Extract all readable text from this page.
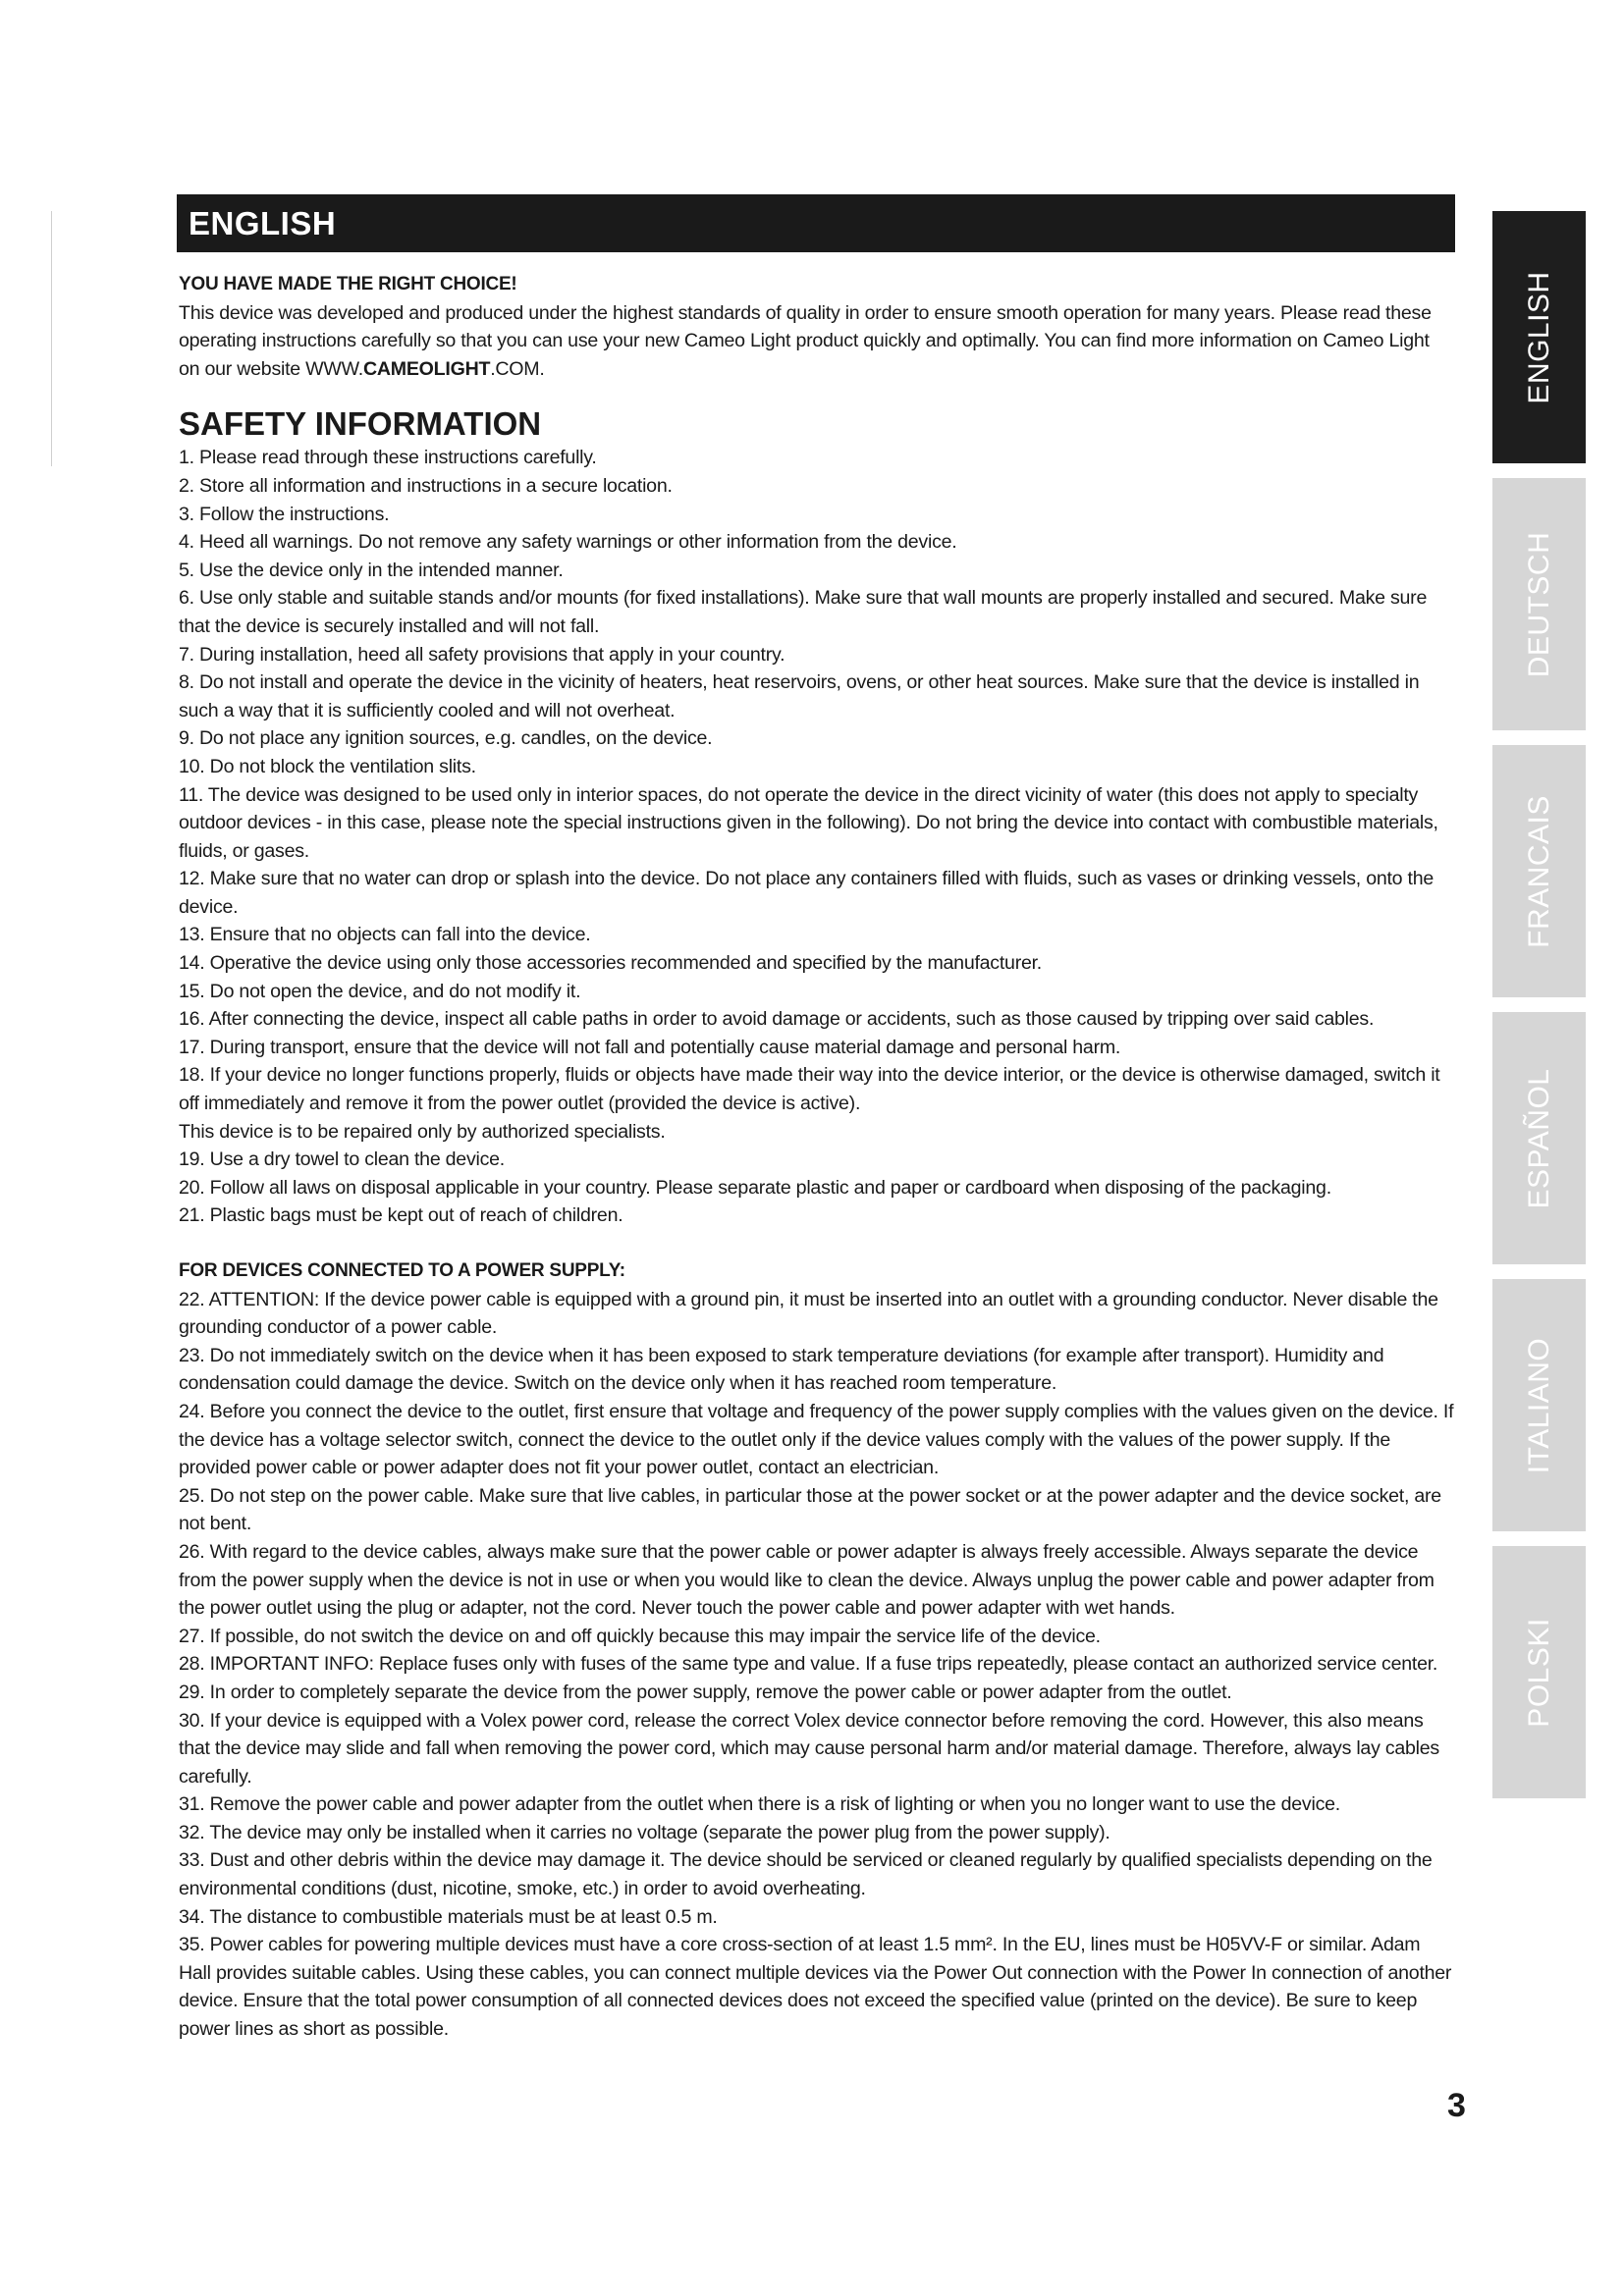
ENGLISH

YOU HAVE MADE THE RIGHT CHOICE!

This device was developed and produced under the highest standards of quality in order to ensure smooth operation for many years. Please read these operating instructions carefully so that you can use your new Cameo Light product quickly and optimally. You can find more information on Cameo Light on our website WWW.CAMEOLIGHT.COM.

SAFETY INFORMATION

1. Please read through these instructions carefully.

2. Store all information and instructions in a secure location.

3. Follow the instructions.

4. Heed all warnings. Do not remove any safety warnings or other information from the device.

5. Use the device only in the intended manner.

6. Use only stable and suitable stands and/or mounts (for fixed installations). Make sure that wall mounts are properly installed and secured. Make sure that the device is securely installed and will not fall.

7. During installation, heed all safety provisions that apply in your country.

8. Do not install and operate the device in the vicinity of heaters, heat reservoirs, ovens, or other heat sources. Make sure that the device is installed in such a way that it is sufficiently cooled and will not overheat.

9. Do not place any ignition sources, e.g. candles, on the device.

10. Do not block the ventilation slits.

11. The device was designed to be used only in interior spaces, do not operate the device in the direct vicinity of water (this does not apply to specialty outdoor devices - in this case, please note the special instructions given in the following). Do not bring the device into contact with combustible materials, fluids, or gases.

12. Make sure that no water can drop or splash into the device. Do not place any containers filled with fluids, such as vases or drinking vessels, onto the device.

13. Ensure that no objects can fall into the device.

14. Operative the device using only those accessories recommended and specified by the manufacturer.

15. Do not open the device, and do not modify it.

16. After connecting the device, inspect all cable paths in order to avoid damage or accidents, such as those caused by tripping over said cables.

17. During transport, ensure that the device will not fall and potentially cause material damage and personal harm.

18. If your device no longer functions properly, fluids or objects have made their way into the device interior, or the device is otherwise damaged, switch it off immediately and remove it from the power outlet (provided the device is active).

This device is to be repaired only by authorized specialists.

19. Use a dry towel to clean the device.

20. Follow all laws on disposal applicable in your country. Please separate plastic and paper or cardboard when disposing of the packaging.

21. Plastic bags must be kept out of reach of children.

FOR DEVICES CONNECTED TO A POWER SUPPLY:

22. ATTENTION: If the device power cable is equipped with a ground pin, it must be inserted into an outlet with a grounding conductor. Never disable the grounding conductor of a power cable.

23. Do not immediately switch on the device when it has been exposed to stark temperature deviations (for example after transport). Humidity and condensation could damage the device. Switch on the device only when it has reached room temperature.

24. Before you connect the device to the outlet, first ensure that voltage and frequency of the power supply complies with the values given on the device. If the device has a voltage selector switch, connect the device to the outlet only if the device values comply with the values of the power supply. If the provided power cable or power adapter does not fit your power outlet, contact an electrician.

25. Do not step on the power cable. Make sure that live cables, in particular those at the power socket or at the power adapter and the device socket, are not bent.

26. With regard to the device cables, always make sure that the power cable or power adapter is always freely accessible. Always separate the device from the power supply when the device is not in use or when you would like to clean the device. Always unplug the power cable and power adapter from the power outlet using the plug or adapter, not the cord. Never touch the power cable and power adapter with wet hands.

27. If possible, do not switch the device on and off quickly because this may impair the service life of the device.

28. IMPORTANT INFO: Replace fuses only with fuses of the same type and value. If a fuse trips repeatedly, please contact an authorized service center.

29. In order to completely separate the device from the power supply, remove the power cable or power adapter from the outlet.

30. If your device is equipped with a Volex power cord, release the correct Volex device connector before removing the cord. However, this also means that the device may slide and fall when removing the power cord, which may cause personal harm and/or material damage. Therefore, always lay cables carefully.

31. Remove the power cable and power adapter from the outlet when there is a risk of lighting or when you no longer want to use the device.

32. The device may only be installed when it carries no voltage (separate the power plug from the power supply).

33. Dust and other debris within the device may damage it. The device should be serviced or cleaned regularly by qualified specialists depending on the environmental conditions (dust, nicotine, smoke, etc.) in order to avoid overheating.

34. The distance to combustible materials must be at least 0.5 m.

35. Power cables for powering multiple devices must have a core cross-section of at least 1.5 mm². In the EU, lines must be H05VV-F or similar. Adam Hall provides suitable cables. Using these cables, you can connect multiple devices via the Power Out connection with the Power In connection of another device. Ensure that the total power consumption of all connected devices does not exceed the specified value (printed on the device). Be sure to keep power lines as short as possible.

ENGLISH
DEUTSCH
FRANCAIS
ESPAÑOL
ITALIANO
POLSKI
3
